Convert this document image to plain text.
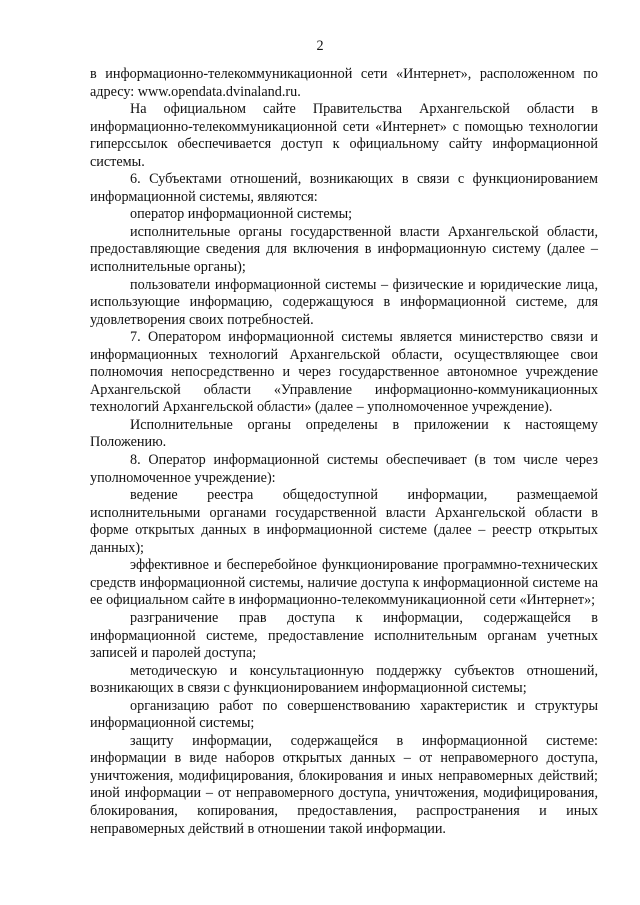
2

в информационно-телекоммуникационной сети «Интернет», расположенном по адресу: www.opendata.dvinaland.ru.

На официальном сайте Правительства Архангельской области в информационно-телекоммуникационной сети «Интернет» с помощью технологии гиперссылок обеспечивается доступ к официальному сайту информационной системы.

6. Субъектами отношений, возникающих в связи с функционированием информационной системы, являются:

оператор информационной системы;

исполнительные органы государственной власти Архангельской области, предоставляющие сведения для включения в информационную систему (далее – исполнительные органы);

пользователи информационной системы – физические и юридические лица, использующие информацию, содержащуюся в информационной системе, для удовлетворения своих потребностей.

7. Оператором информационной системы является министерство связи и информационных технологий Архангельской области, осуществляющее свои полномочия непосредственно и через государственное автономное учреждение Архангельской области «Управление информационно-коммуникационных технологий Архангельской области» (далее – уполномоченное учреждение).

Исполнительные органы определены в приложении к настоящему Положению.

8. Оператор информационной системы обеспечивает (в том числе через уполномоченное учреждение):

ведение реестра общедоступной информации, размещаемой исполнительными органами государственной власти Архангельской области в форме открытых данных в информационной системе (далее – реестр открытых данных);

эффективное и бесперебойное функционирование программно-технических средств информационной системы, наличие доступа к информационной системе на ее официальном сайте в информационно-телекоммуникационной сети «Интернет»;

разграничение прав доступа к информации, содержащейся в информационной системе, предоставление исполнительным органам учетных записей и паролей доступа;

методическую и консультационную поддержку субъектов отношений, возникающих в связи с функционированием информационной системы;

организацию работ по совершенствованию характеристик и структуры информационной системы;

защиту информации, содержащейся в информационной системе: информации в виде наборов открытых данных – от неправомерного доступа, уничтожения, модифицирования, блокирования и иных неправомерных действий; иной информации – от неправомерного доступа, уничтожения, модифицирования, блокирования, копирования, предоставления, распространения и иных неправомерных действий в отношении такой информации.
